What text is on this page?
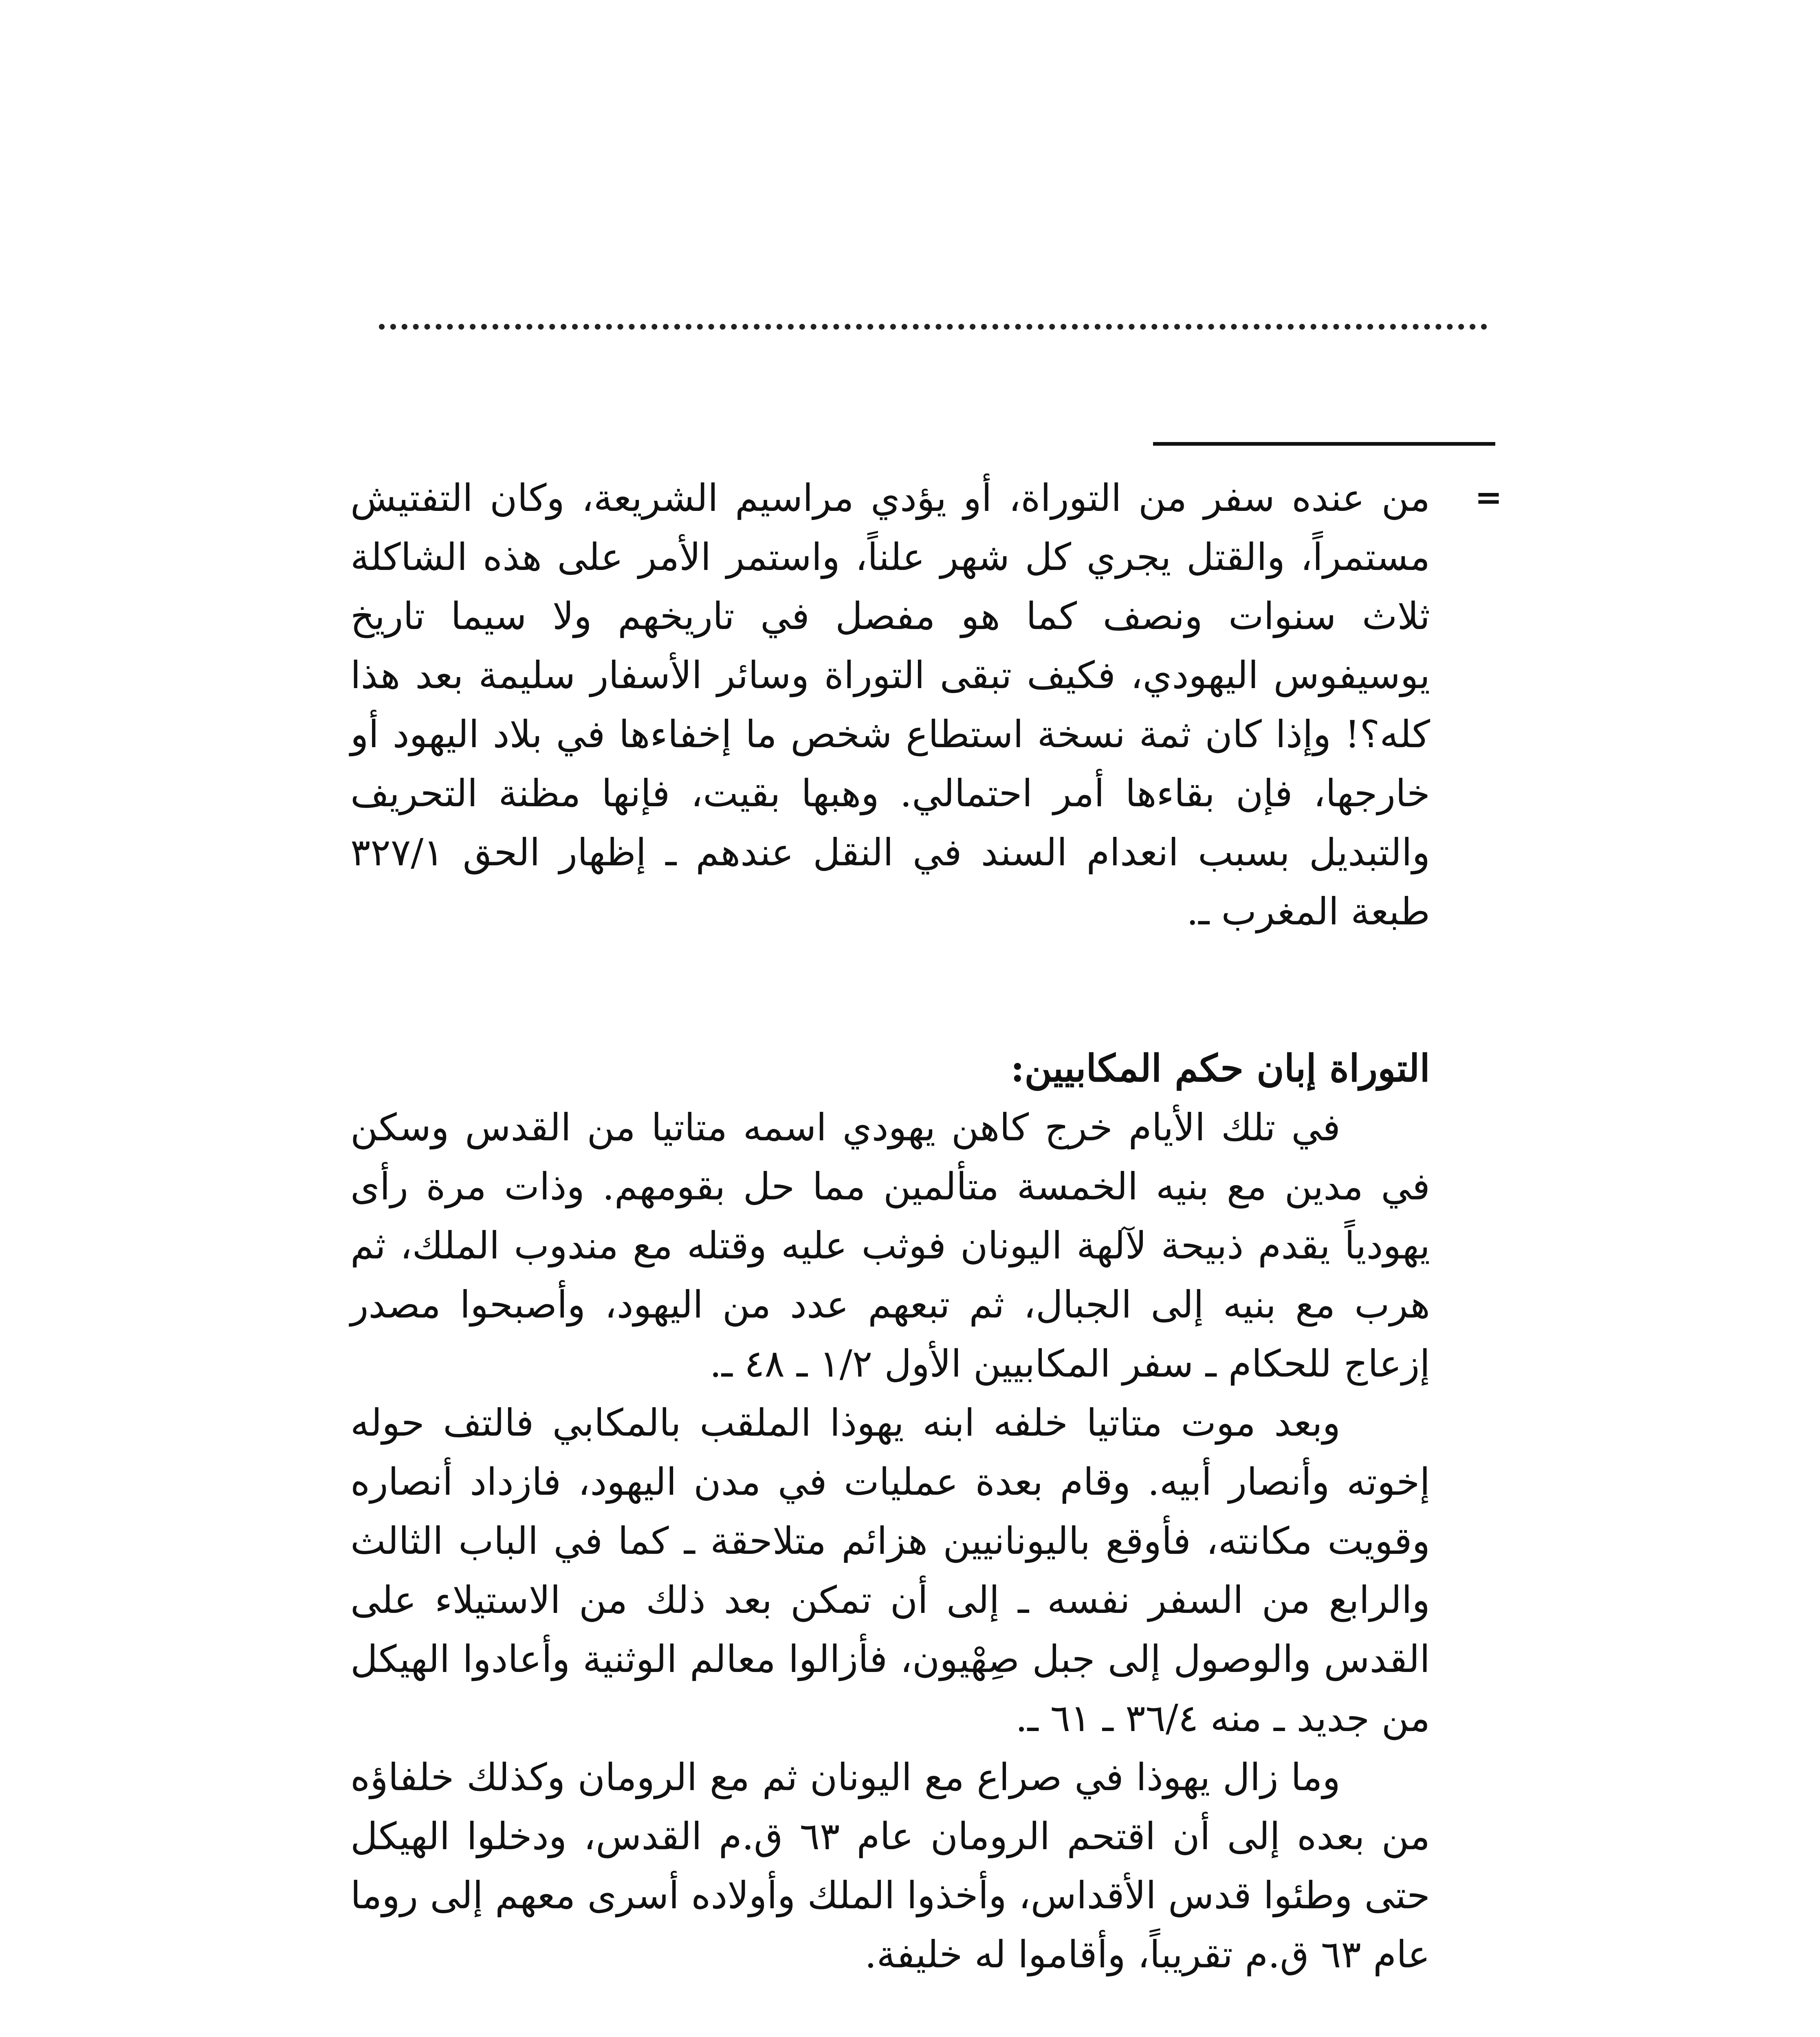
=

من عنده سفر من التوراة، أو يؤدي مراسيم الشريعة، وكان التفتيش مستمراً، والقتل يجري كل شهر علناً، واستمر الأمر على هذه الشاكلة ثلاث سنوات ونصف كما هو مفصل في تاريخهم ولا سيما تاريخ يوسيفوس اليهودي، فكيف تبقى التوراة وسائر الأسفار سليمة بعد هذا كله؟! وإذا كان ثمة نسخة استطاع شخص ما إخفاءها في بلاد اليهود أو خارجها، فإن بقاءها أمر احتمالي. وهبها بقيت، فإنها مظنة التحريف والتبديل بسبب انعدام السند في النقل عندهم ـ إظهار الحق ٣٢٧/١ طبعة المغرب ـ.

التوراة إبان حكم المكابيين:

في تلك الأيام خرج كاهن يهودي اسمه متاتيا من القدس وسكن في مدين مع بنيه الخمسة متألمين مما حل بقومهم. وذات مرة رأى يهودياً يقدم ذبيحة لآلهة اليونان فوثب عليه وقتله مع مندوب الملك، ثم هرب مع بنيه إلى الجبال، ثم تبعهم عدد من اليهود، وأصبحوا مصدر إزعاج للحكام ـ سفر المكابيين الأول ١/٢ ـ ٤٨ ـ.

وبعد موت متاتيا خلفه ابنه يهوذا الملقب بالمكابي فالتف حوله إخوته وأنصار أبيه. وقام بعدة عمليات في مدن اليهود، فازداد أنصاره وقويت مكانته، فأوقع باليونانيين هزائم متلاحقة ـ كما في الباب الثالث والرابع من السفر نفسه ـ إلى أن تمكن بعد ذلك من الاستيلاء على القدس والوصول إلى جبل صِهْيون، فأزالوا معالم الوثنية وأعادوا الهيكل من جديد ـ منه ٣٦/٤ ـ ٦١ ـ.

وما زال يهوذا في صراع مع اليونان ثم مع الرومان وكذلك خلفاؤه من بعده إلى أن اقتحم الرومان عام ٦٣ ق.م القدس، ودخلوا الهيكل حتى وطئوا قدس الأقداس، وأخذوا الملك وأولاده أسرى معهم إلى روما عام ٦٣ ق.م تقريباً، وأقاموا له خليفة.
